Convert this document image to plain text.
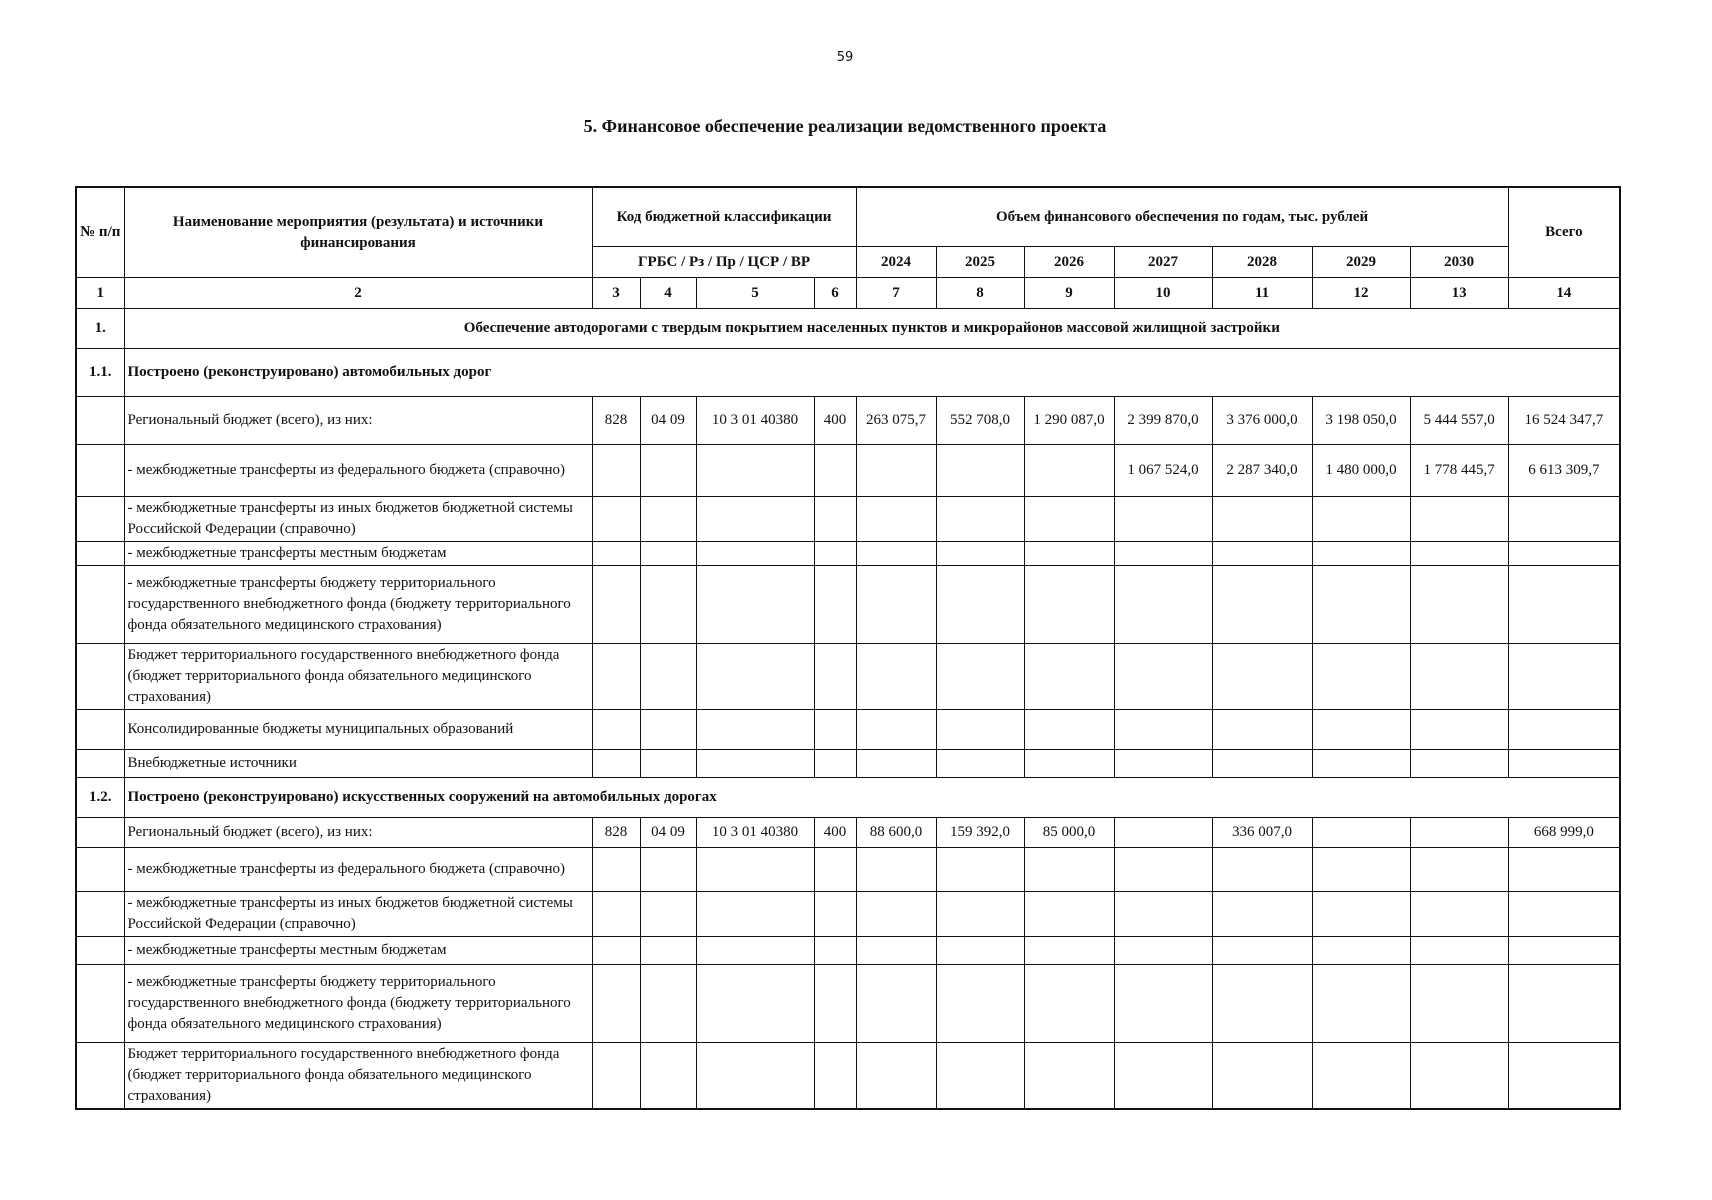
59
5. Финансовое обеспечение реализации ведомственного проекта
№ п/п	Наименование мероприятия (результата) и источники финансирования	Код бюджетной классификации				Объем финансового обеспечения по годам, тыс. рублей							Всего
		ГРБС / Рз / Пр / ЦСР / ВР				2024	2025	2026	2027	2028	2029	2030	
1	2	3	4	5	6	7	8	9	10	11	12	13	14
1.	Обеспечение автодорогами с твердым покрытием населенных пунктов и микрорайонов массовой жилищной застройки												
1.1.	Построено (реконструировано) автомобильных дорог												
	Региональный бюджет (всего), из них:	828	04 09	10 3 01 40380	400	263 075,7	552 708,0	1 290 087,0	2 399 870,0	3 376 000,0	3 198 050,0	5 444 557,0	16 524 347,7
	- межбюджетные трансферты из федерального бюджета (справочно)								1 067 524,0	2 287 340,0	1 480 000,0	1 778 445,7	6 613 309,7
	- межбюджетные трансферты из иных бюджетов бюджетной системы Российской Федерации (справочно)												
	- межбюджетные трансферты местным бюджетам												
	- межбюджетные трансферты бюджету территориального государственного внебюджетного фонда (бюджету территориального фонда обязательного медицинского страхования)												
	Бюджет территориального государственного внебюджетного фонда (бюджет территориального фонда обязательного медицинского страхования)												
	Консолидированные бюджеты муниципальных образований												
	Внебюджетные источники												
1.2.	Построено (реконструировано) искусственных сооружений на автомобильных дорогах												
	Региональный бюджет (всего), из них:	828	04 09	10 3 01 40380	400	88 600,0	159 392,0	85 000,0		336 007,0			668 999,0
	- межбюджетные трансферты из федерального бюджета (справочно)												
	- межбюджетные трансферты из иных бюджетов бюджетной системы Российской Федерации (справочно)												
	- межбюджетные трансферты местным бюджетам												
	- межбюджетные трансферты бюджету территориального государственного внебюджетного фонда (бюджету территориального фонда обязательного медицинского страхования)												
	Бюджет территориального государственного внебюджетного фонда (бюджет территориального фонда обязательного медицинского страхования)												
